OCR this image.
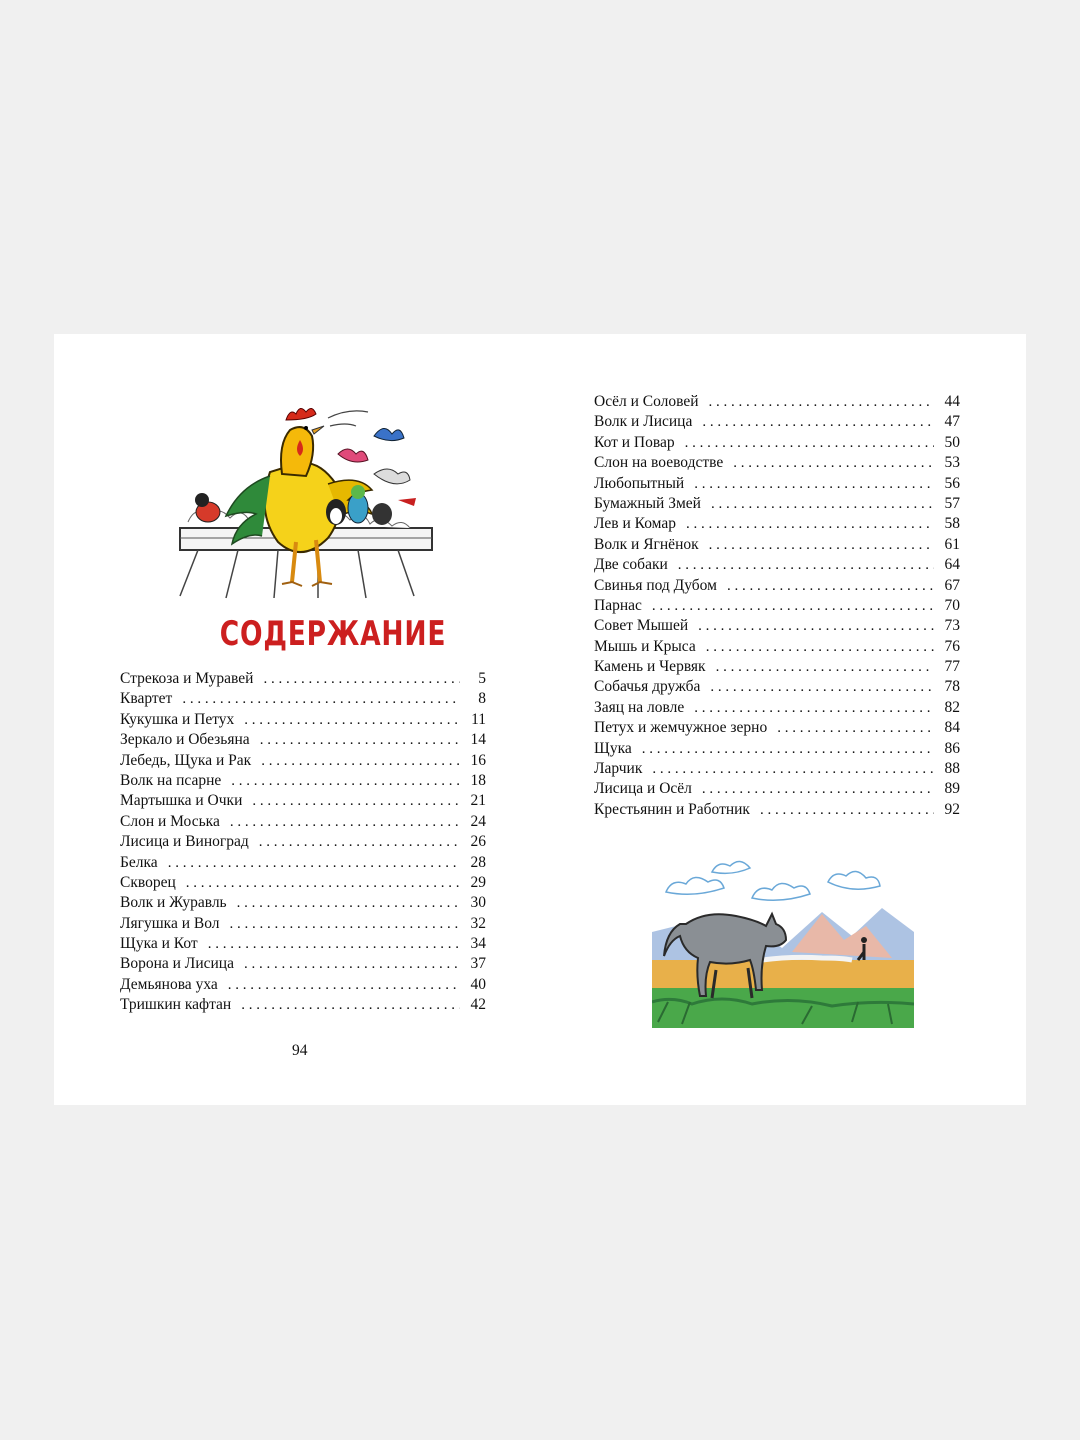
СОДЕРЖАНИЕ
Стрекоза и Муравей . . .	5
Квартет . . .	8
Кукушка и Петух . . .	11
Зеркало и Обезьяна . . .	14
Лебедь, Щука и Рак . . .	16
Волк на псарне . . .	18
Мартышка и Очки . . .	21
Слон и Моська . . .	24
Лисица и Виноград . . .	26
Белка . . .	28
Скворец . . .	29
Волк и Журавль . . .	30
Лягушка и Вол . . .	32
Щука и Кот . . .	34
Ворона и Лисица . . .	37
Демьянова уха . . .	40
Тришкин кафтан . . .	42
Осёл и Соловей . . .	44
Волк и Лисица . . .	47
Кот и Повар . . .	50
Слон на воеводстве . . .	53
Любопытный . . .	56
Бумажный Змей . . .	57
Лев и Комар . . .	58
Волк и Ягнёнок . . .	61
Две собаки . . .	64
Свинья под Дубом . . .	67
Парнас . . .	70
Совет Мышей . . .	73
Мышь и Крыса . . .	76
Камень и Червяк . . .	77
Собачья дружба . . .	78
Заяц на ловле . . .	82
Петух и жемчужное зерно . . .	84
Щука . . .	86
Ларчик . . .	88
Лисица и Осёл . . .	89
Крестьянин и Работник . . .	92
94
